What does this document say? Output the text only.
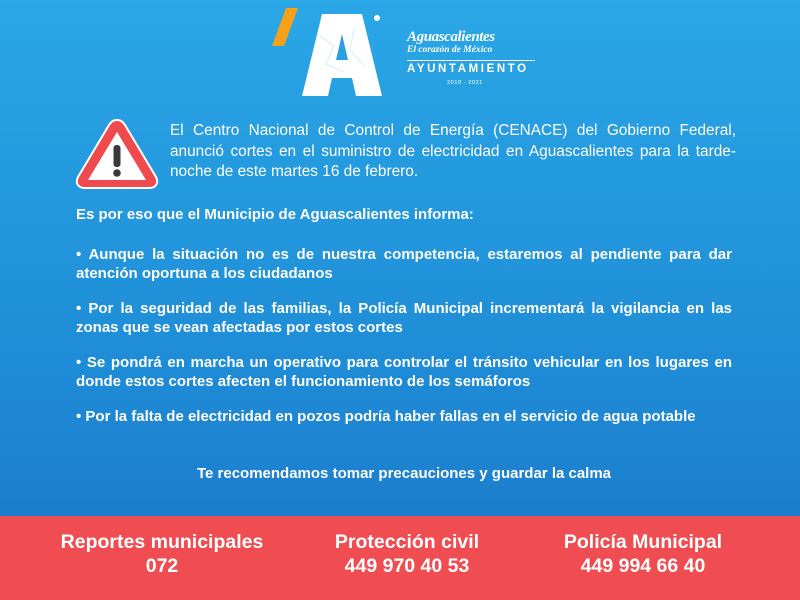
Aguascalientes
El corazón de México
AYUNTAMIENTO
2019 - 2021
El Centro Nacional de Control de Energía (CENACE) del Gobierno Federal, anunció cortes en el suministro de electricidad en Aguascalientes para la tarde-noche de este martes 16 de febrero.
Es por eso que el Municipio de Aguascalientes informa:
• Aunque la situación no es de nuestra competencia, estaremos al pendiente para dar atención oportuna a los ciudadanos
• Por la seguridad de las familias, la Policía Municipal incrementará la vigilancia en las zonas que se vean afectadas por estos cortes
• Se pondrá en marcha un operativo para controlar el tránsito vehicular en los lugares en donde estos cortes afecten el funcionamiento de los semáforos
• Por la falta de electricidad en pozos podría haber fallas en el servicio de agua potable
Te recomendamos tomar precauciones y guardar la calma
Reportes municipales
072
Protección civil
449 970 40 53
Policía Municipal
449 994 66 40
